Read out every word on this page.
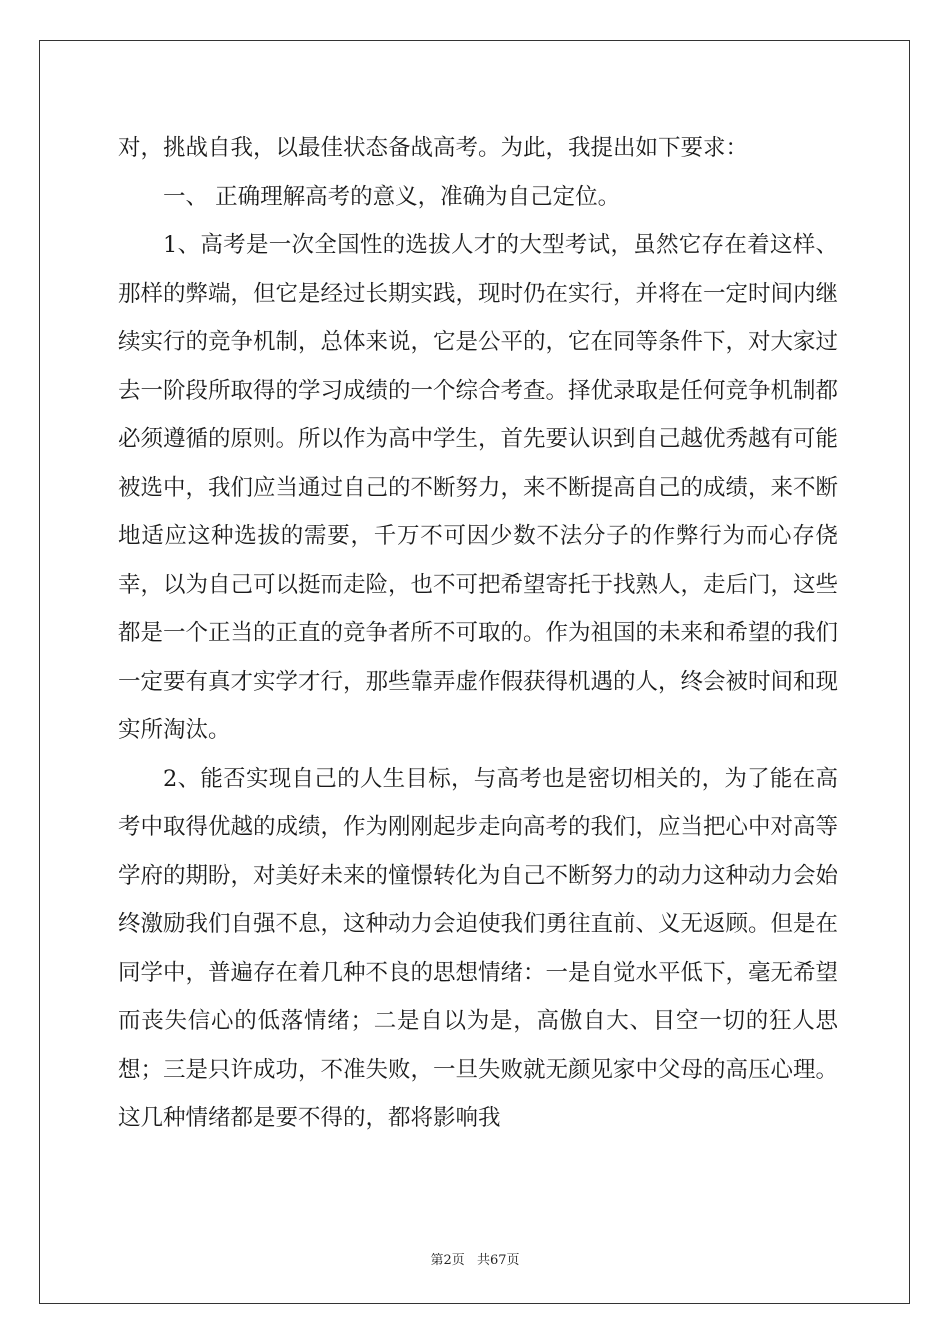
对，挑战自我，以最佳状态备战高考。为此，我提出如下要求：

一、 正确理解高考的意义，准确为自己定位。

1、高考是一次全国性的选拔人才的大型考试，虽然它存在着这样、那样的弊端，但它是经过长期实践，现时仍在实行，并将在一定时间内继续实行的竞争机制，总体来说，它是公平的，它在同等条件下，对大家过去一阶段所取得的学习成绩的一个综合考查。择优录取是任何竞争机制都必须遵循的原则。所以作为高中学生，首先要认识到自己越优秀越有可能被选中，我们应当通过自己的不断努力，来不断提高自己的成绩，来不断地适应这种选拔的需要，千万不可因少数不法分子的作弊行为而心存侥幸，以为自己可以挺而走险，也不可把希望寄托于找熟人，走后门，这些都是一个正当的正直的竞争者所不可取的。作为祖国的未来和希望的我们一定要有真才实学才行，那些靠弄虚作假获得机遇的人，终会被时间和现实所淘汰。

2、能否实现自己的人生目标，与高考也是密切相关的，为了能在高考中取得优越的成绩，作为刚刚起步走向高考的我们，应当把心中对高等学府的期盼，对美好未来的憧憬转化为自己不断努力的动力这种动力会始终激励我们自强不息，这种动力会迫使我们勇往直前、义无返顾。但是在同学中，普遍存在着几种不良的思想情绪：一是自觉水平低下，毫无希望而丧失信心的低落情绪；二是自以为是，高傲自大、目空一切的狂人思想；三是只许成功，不准失败，一旦失败就无颜见家中父母的高压心理。这几种情绪都是要不得的，都将影响我

第2页 共67页
